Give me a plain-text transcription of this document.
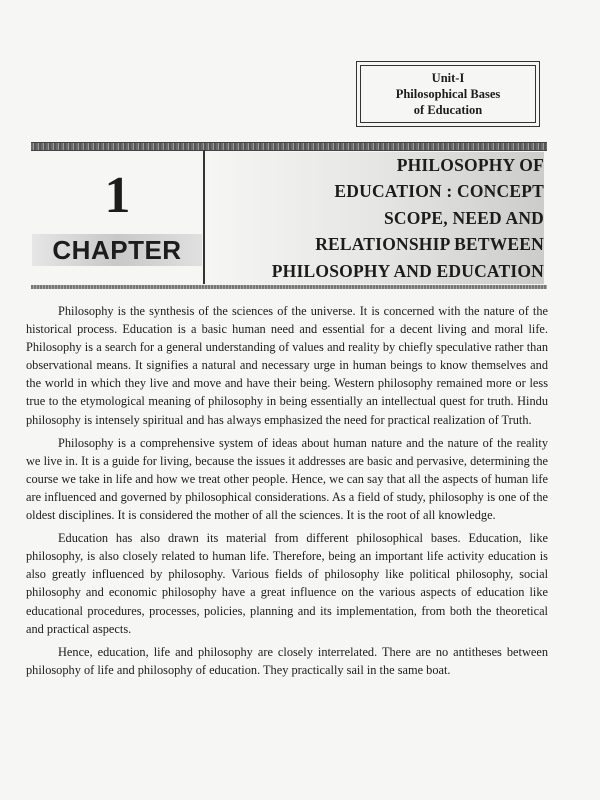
Unit-I
Philosophical Bases
of Education
1
CHAPTER
PHILOSOPHY OF
EDUCATION : CONCEPT
SCOPE, NEED AND
RELATIONSHIP BETWEEN
PHILOSOPHY AND EDUCATION

Philosophy is the synthesis of the sciences of the universe. It is concerned with the nature of the historical process. Education is a basic human need and essential for a decent living and moral life. Philosophy is a search for a general understanding of values and reality by chiefly speculative rather than observational means. It signifies a natural and necessary urge in human beings to know themselves and the world in which they live and move and have their being. Western philosophy remained more or less true to the etymological meaning of philosophy in being essentially an intellectual quest for truth. Hindu philosophy is intensely spiritual and has always emphasized the need for practical realization of Truth.

Philosophy is a comprehensive system of ideas about human nature and the nature of the reality we live in. It is a guide for living, because the issues it addresses are basic and pervasive, determining the course we take in life and how we treat other people. Hence, we can say that all the aspects of human life are influenced and governed by philosophical considerations. As a field of study, philosophy is one of the oldest disciplines. It is considered the mother of all the sciences. It is the root of all knowledge.

Education has also drawn its material from different philosophical bases. Education, like philosophy, is also closely related to human life. Therefore, being an important life activity education is also greatly influenced by philosophy. Various fields of philosophy like political philosophy, social philosophy and economic philosophy have a great influence on the various aspects of education like educational procedures, processes, policies, planning and its implementation, from both the theoretical and practical aspects.

Hence, education, life and philosophy are closely interrelated. There are no antitheses between philosophy of life and philosophy of education. They practically sail in the same boat.
